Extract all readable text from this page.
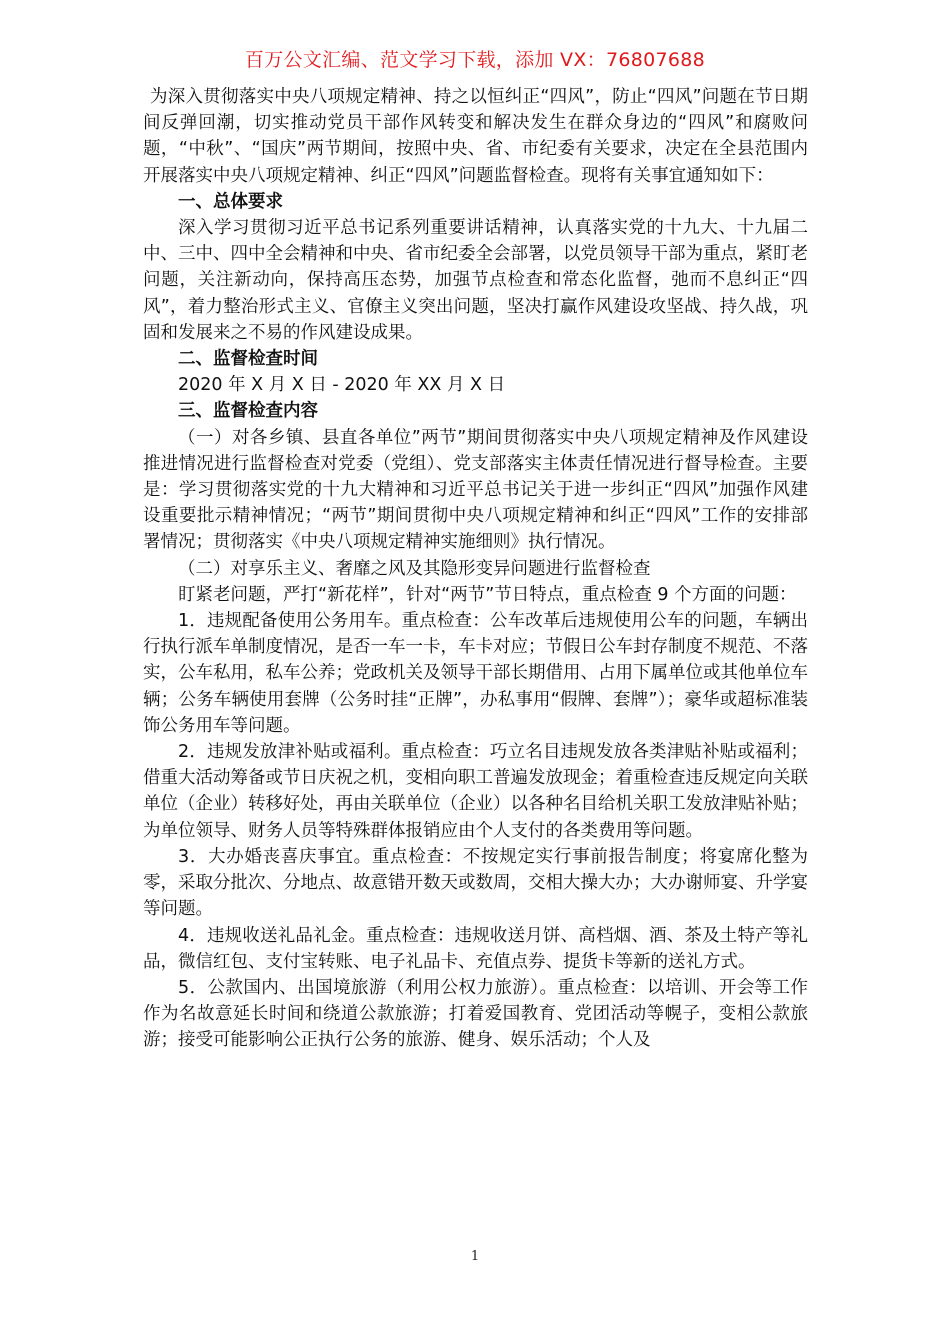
百万公文汇编、范文学习下载，添加 VX：76807688

为深入贯彻落实中央八项规定精神、持之以恒纠正“四风”，防止“四风”问题在节日期间反弹回潮，切实推动党员干部作风转变和解决发生在群众身边的“四风”和腐败问题，“中秋”、“国庆”两节期间，按照中央、省、市纪委有关要求，决定在全县范围内开展落实中央八项规定精神、纠正“四风”问题监督检查。现将有关事宜通知如下：

一、总体要求

深入学习贯彻习近平总书记系列重要讲话精神，认真落实党的十九大、十九届二中、三中、四中全会精神和中央、省市纪委全会部署，以党员领导干部为重点，紧盯老问题，关注新动向，保持高压态势，加强节点检查和常态化监督，弛而不息纠正“四风”，着力整治形式主义、官僚主义突出问题，坚决打赢作风建设攻坚战、持久战，巩固和发展来之不易的作风建设成果。

二、监督检查时间

2020 年 X 月 X 日 - 2020 年 XX 月 X 日

三、监督检查内容

（一）对各乡镇、县直各单位”两节”期间贯彻落实中央八项规定精神及作风建设推进情况进行监督检查对党委（党组）、党支部落实主体责任情况进行督导检查。主要是：学习贯彻落实党的十九大精神和习近平总书记关于进一步纠正“四风”加强作风建设重要批示精神情况；“两节”期间贯彻中央八项规定精神和纠正“四风”工作的安排部署情况；贯彻落实《中央八项规定精神实施细则》执行情况。

（二）对享乐主义、奢靡之风及其隐形变异问题进行监督检查

盯紧老问题，严打“新花样”，针对“两节”节日特点，重点检查 9 个方面的问题：

1．违规配备使用公务用车。重点检查：公车改革后违规使用公车的问题，车辆出行执行派车单制度情况，是否一车一卡，车卡对应；节假日公车封存制度不规范、不落实，公车私用，私车公养；党政机关及领导干部长期借用、占用下属单位或其他单位车辆；公务车辆使用套牌（公务时挂“正牌”，办私事用“假牌、套牌”）；豪华或超标准装饰公务用车等问题。

2．违规发放津补贴或福利。重点检查：巧立名目违规发放各类津贴补贴或福利；借重大活动筹备或节日庆祝之机，变相向职工普遍发放现金；着重检查违反规定向关联单位（企业）转移好处，再由关联单位（企业）以各种名目给机关职工发放津贴补贴；为单位领导、财务人员等特殊群体报销应由个人支付的各类费用等问题。

3．大办婚丧喜庆事宜。重点检查：不按规定实行事前报告制度；将宴席化整为零，采取分批次、分地点、故意错开数天或数周，交相大操大办；大办谢师宴、升学宴等问题。

4．违规收送礼品礼金。重点检查：违规收送月饼、高档烟、酒、茶及土特产等礼品，微信红包、支付宝转账、电子礼品卡、充值点券、提货卡等新的送礼方式。

5．公款国内、出国境旅游（利用公权力旅游）。重点检查：以培训、开会等工作作为名故意延长时间和绕道公款旅游；打着爱国教育、党团活动等幌子，变相公款旅游；接受可能影响公正执行公务的旅游、健身、娱乐活动；个人及

1
